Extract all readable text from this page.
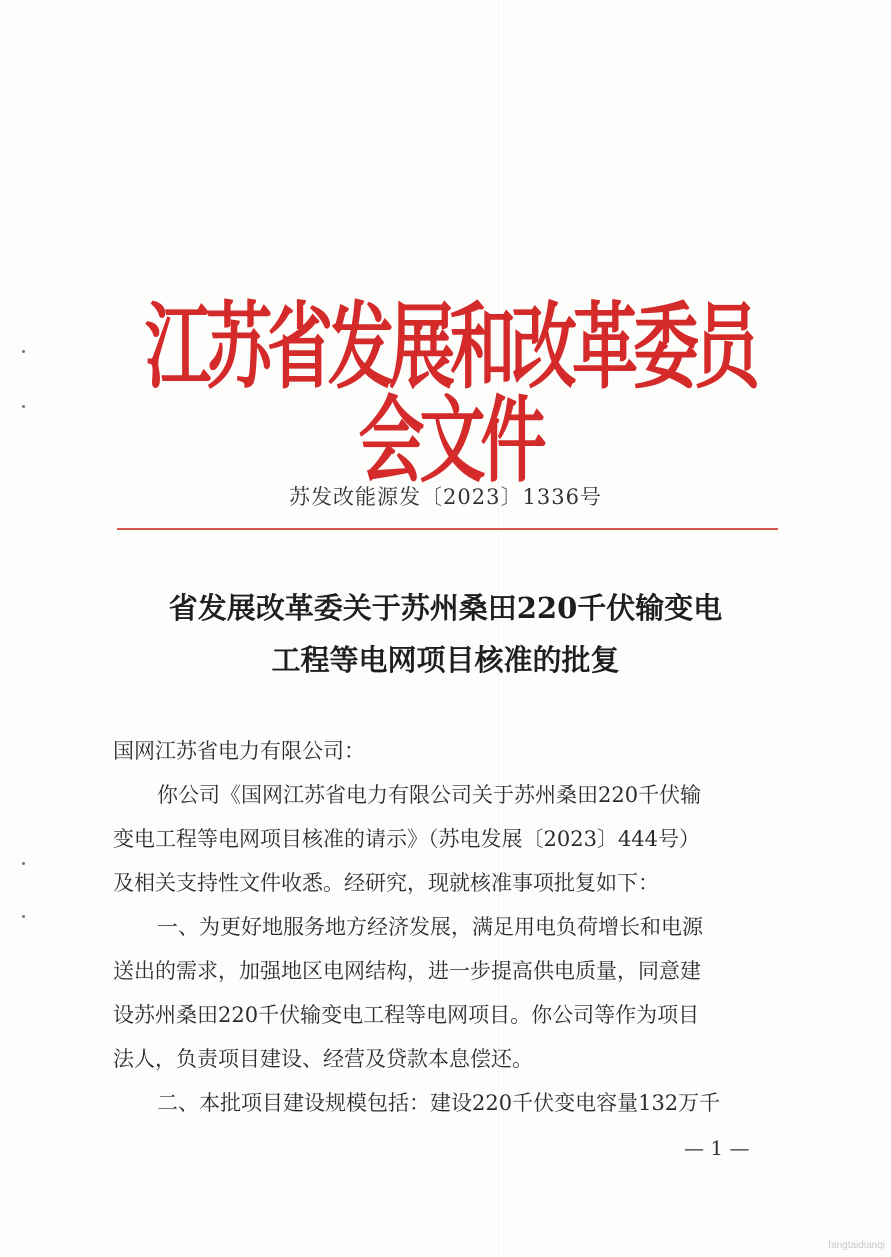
江苏省发展和改革委员会文件
苏发改能源发〔2023〕1336号
省发展改革委关于苏州桑田220千伏输变电
工程等电网项目核准的批复
国网江苏省电力有限公司：
你公司《国网江苏省电力有限公司关于苏州桑田220千伏输
变电工程等电网项目核准的请示》（苏电发展〔2023〕444号）
及相关支持性文件收悉。经研究，现就核准事项批复如下：
一、为更好地服务地方经济发展，满足用电负荷增长和电源
送出的需求，加强地区电网结构，进一步提高供电质量，同意建
设苏州桑田220千伏输变电工程等电网项目。你公司等作为项目
法人，负责项目建设、经营及贷款本息偿还。
二、本批项目建设规模包括：建设220千伏变电容量132万千
— 1 —
fangtaidianqi
